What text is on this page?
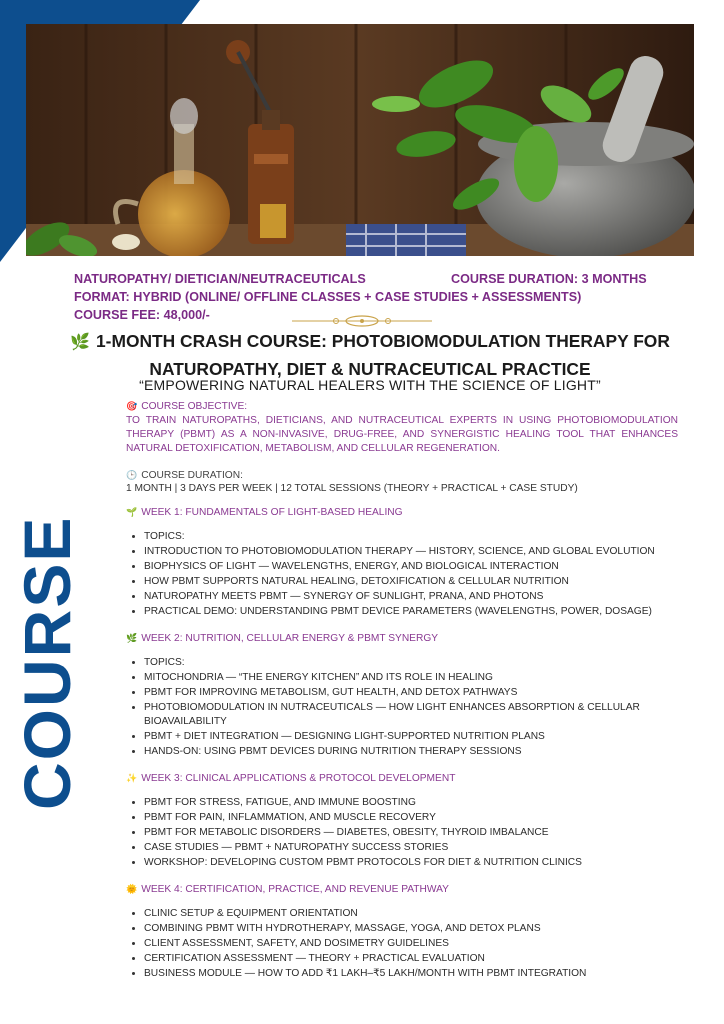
NATUROPATHY/ DIETICIAN/NEUTRACEUTICALS	COURSE DURATION: 3 MONTHS
FORMAT: HYBRID (ONLINE/ OFFLINE CLASSES + CASE STUDIES + ASSESSMENTS)
COURSE FEE: 48,000/-
🌿 1-MONTH CRASH COURSE: PHOTOBIOMODULATION THERAPY FOR
NATUROPATHY, DIET & NUTRACEUTICAL PRACTICE
“EMPOWERING NATURAL HEALERS WITH THE SCIENCE OF LIGHT”
COURSE
🎯 COURSE OBJECTIVE:
TO TRAIN NATUROPATHS, DIETICIANS, AND NUTRACEUTICAL EXPERTS IN USING PHOTOBIOMODULATION THERAPY (PBMT) AS A NON-INVASIVE, DRUG-FREE, AND SYNERGISTIC HEALING TOOL THAT ENHANCES NATURAL DETOXIFICATION, METABOLISM, AND CELLULAR REGENERATION.
🕒 COURSE DURATION:
1 MONTH | 3 DAYS PER WEEK | 12 TOTAL SESSIONS (THEORY + PRACTICAL + CASE STUDY)
🌱 WEEK 1: FUNDAMENTALS OF LIGHT-BASED HEALING
• TOPICS:
• INTRODUCTION TO PHOTOBIOMODULATION THERAPY — HISTORY, SCIENCE, AND GLOBAL EVOLUTION
• BIOPHYSICS OF LIGHT — WAVELENGTHS, ENERGY, AND BIOLOGICAL INTERACTION
• HOW PBMT SUPPORTS NATURAL HEALING, DETOXIFICATION & CELLULAR NUTRITION
• NATUROPATHY MEETS PBMT — SYNERGY OF SUNLIGHT, PRANA, AND PHOTONS
• PRACTICAL DEMO: UNDERSTANDING PBMT DEVICE PARAMETERS (WAVELENGTHS, POWER, DOSAGE)
🌿 WEEK 2: NUTRITION, CELLULAR ENERGY & PBMT SYNERGY
• TOPICS:
• MITOCHONDRIA — “THE ENERGY KITCHEN” AND ITS ROLE IN HEALING
• PBMT FOR IMPROVING METABOLISM, GUT HEALTH, AND DETOX PATHWAYS
• PHOTOBIOMODULATION IN NUTRACEUTICALS — HOW LIGHT ENHANCES ABSORPTION & CELLULAR BIOAVAILABILITY
• PBMT + DIET INTEGRATION — DESIGNING LIGHT-SUPPORTED NUTRITION PLANS
• HANDS-ON: USING PBMT DEVICES DURING NUTRITION THERAPY SESSIONS
✨ WEEK 3: CLINICAL APPLICATIONS & PROTOCOL DEVELOPMENT
• PBMT FOR STRESS, FATIGUE, AND IMMUNE BOOSTING
• PBMT FOR PAIN, INFLAMMATION, AND MUSCLE RECOVERY
• PBMT FOR METABOLIC DISORDERS — DIABETES, OBESITY, THYROID IMBALANCE
• CASE STUDIES — PBMT + NATUROPATHY SUCCESS STORIES
• WORKSHOP: DEVELOPING CUSTOM PBMT PROTOCOLS FOR DIET & NUTRITION CLINICS
🌞 WEEK 4: CERTIFICATION, PRACTICE, AND REVENUE PATHWAY
• CLINIC SETUP & EQUIPMENT ORIENTATION
• COMBINING PBMT WITH HYDROTHERAPY, MASSAGE, YOGA, AND DETOX PLANS
• CLIENT ASSESSMENT, SAFETY, AND DOSIMETRY GUIDELINES
• CERTIFICATION ASSESSMENT — THEORY + PRACTICAL EVALUATION
• BUSINESS MODULE — HOW TO ADD ₹1 LAKH–₹5 LAKH/MONTH WITH PBMT INTEGRATION
